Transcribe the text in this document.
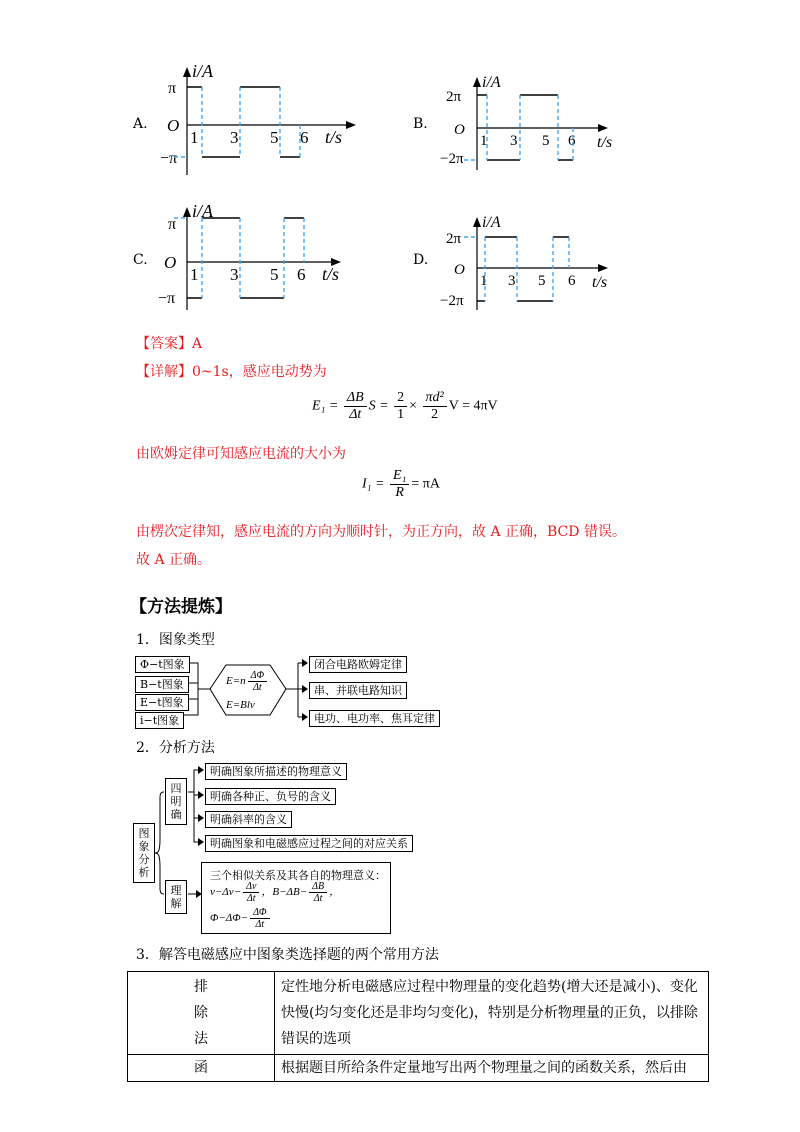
A.	B.
C.	D.
i/A
t/s
π
O
−π
1 3 5 6
i/A
t/s
2π
O
−2π
1 3 5 6
i/A
t/s
π
O
−π
1 3 5 6
i/A
t/s
2π
O
−2π
1 3 5 6
【答案】A
【详解】0~1s，感应电动势为
$E_1 = \frac{\Delta B}{\Delta t}$ $S = \frac{2}{1} \times \frac{\text{πd²}}{2}$ V = 4πV
由欧姆定律可知感应电流的大小为
$I_1 = \frac{\text{E₁}}{R} = \pi A$
由楞次定律知，感应电流的方向为顺时针，为正方向，故 A 正确，BCD 错误。
故 A 正确。
【方法提炼】
1．图象类型
Φ−t图象
B−t图象
E−t图象
$E=n \frac{\Delta\Phi}{\Delta t}$
E=Blv
i−t图象
闭合电路欧姆定律
串、并联电路知识
电功、电功率、焦耳定律
2．分析方法
图象分析
四明确
理解
明确图象所描述的物理意义
明确各种正、负号的含义
明确斜率的含义
明确图象和电磁感应过程之间的对应关系
三个相似关系及其各自的物理意义：
$v-\Delta v- \frac{\Delta v}{\Delta t}$ ，$B-\Delta B- \frac{\Delta B}{\Delta t}$ ，
$\Phi-\Delta\Phi- \frac{\Delta\Phi}{\Delta t}$
3．解答电磁感应中图象类选择题的两个常用方法
排
除
法	定性地分析电磁感应过程中物理量的变化趋势(增大还是减小)、变化快慢(均匀变化还是非均匀变化)，特别是分析物理量的正负，以排除错误的选项

函	根据题目所给条件定量地写出两个物理量之间的函数关系，然后由
